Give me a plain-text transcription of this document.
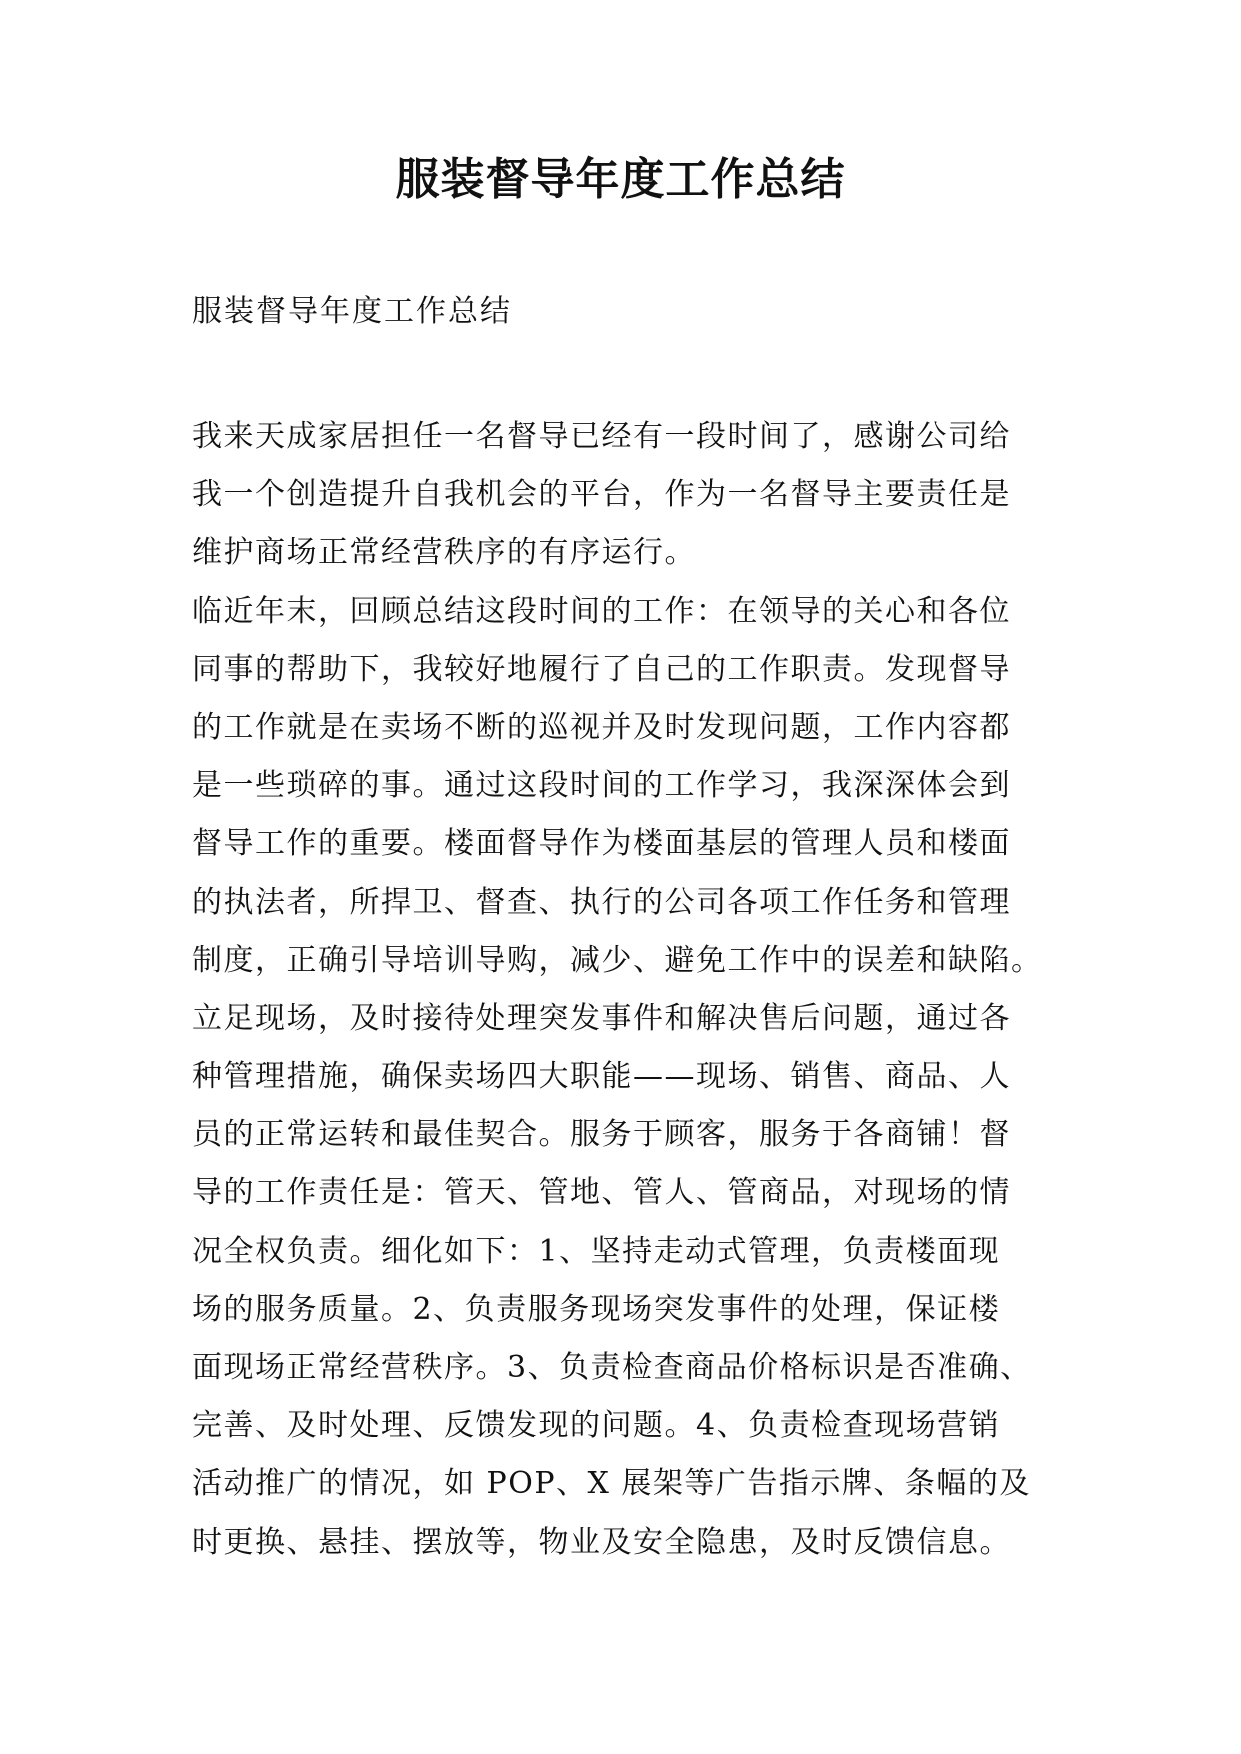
服装督导年度工作总结

服装督导年度工作总结

我来天成家居担任一名督导已经有一段时间了，感谢公司给

我一个创造提升自我机会的平台，作为一名督导主要责任是

维护商场正常经营秩序的有序运行。

临近年末，回顾总结这段时间的工作：在领导的关心和各位

同事的帮助下，我较好地履行了自己的工作职责。发现督导

的工作就是在卖场不断的巡视并及时发现问题，工作内容都

是一些琐碎的事。通过这段时间的工作学习，我深深体会到

督导工作的重要。楼面督导作为楼面基层的管理人员和楼面

的执法者，所捍卫、督查、执行的公司各项工作任务和管理

制度，正确引导培训导购，减少、避免工作中的误差和缺陷。

立足现场，及时接待处理突发事件和解决售后问题，通过各

种管理措施，确保卖场四大职能——现场、销售、商品、人

员的正常运转和最佳契合。服务于顾客，服务于各商铺！督

导的工作责任是：管天、管地、管人、管商品，对现场的情

况全权负责。细化如下：1、坚持走动式管理，负责楼面现

场的服务质量。2、负责服务现场突发事件的处理，保证楼

面现场正常经营秩序。3、负责检查商品价格标识是否准确、

完善、及时处理、反馈发现的问题。4、负责检查现场营销

活动推广的情况，如 POP、X 展架等广告指示牌、条幅的及

时更换、悬挂、摆放等，物业及安全隐患，及时反馈信息。
